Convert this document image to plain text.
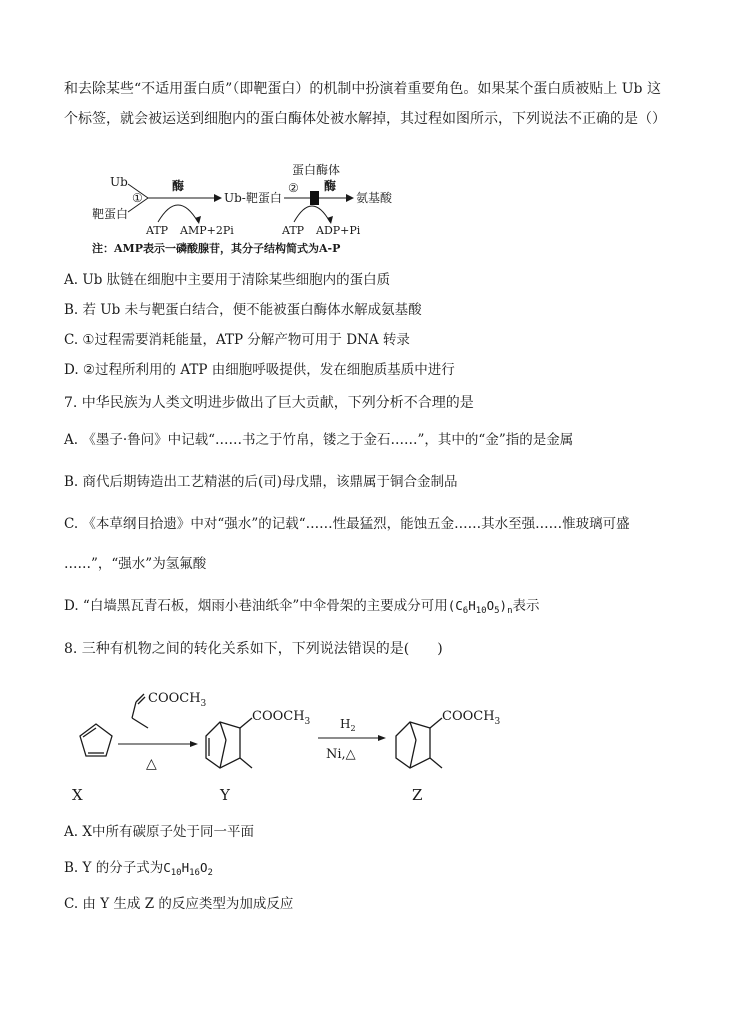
和去除某些“不适用蛋白质”（即靶蛋白）的机制中扮演着重要角色。如果某个蛋白质被贴上 Ub 这
个标签，就会被运送到细胞内的蛋白酶体处被水解掉，其过程如图所示，下列说法不正确的是（）
Ub
①
靶蛋白
酶
ATP AMP+2Pi
Ub-靶蛋白
蛋白酶体
② 酶
氨基酸
ATP ADP+Pi
注：AMP表示一磷酸腺苷，其分子结构简式为A-P
A. Ub 肽链在细胞中主要用于清除某些细胞内的蛋白质
B. 若 Ub 未与靶蛋白结合，便不能被蛋白酶体水解成氨基酸
C. ①过程需要消耗能量，ATP 分解产物可用于 DNA 转录
D. ②过程所利用的 ATP 由细胞呼吸提供，发在细胞质基质中进行
7. 中华民族为人类文明进步做出了巨大贡献，下列分析不合理的是
A. 《墨子·鲁问》中记载“……书之于竹帛，镂之于金石……”，其中的“金”指的是金属
B. 商代后期铸造出工艺精湛的后(司)母戊鼎，该鼎属于铜合金制品
C. 《本草纲目拾遗》中对“强水”的记载“……性最猛烈，能蚀五金……其水至强……惟玻璃可盛
……”，“强水”为氢氟酸
D. “白墙黑瓦青石板，烟雨小巷油纸伞”中伞骨架的主要成分可用$(C_6H_{10}O_5)_n$表示
8. 三种有机物之间的转化关系如下，下列说法错误的是(　　)
X
$COOCH_3$
△
$COOCH_3$
Y
$H_2$
Ni,△
$COOCH_3$
Z
A. X中所有碳原子处于同一平面
B. Y 的分子式为$C_{10}H_{16}O_2$
C. 由 Y 生成 Z 的反应类型为加成反应
